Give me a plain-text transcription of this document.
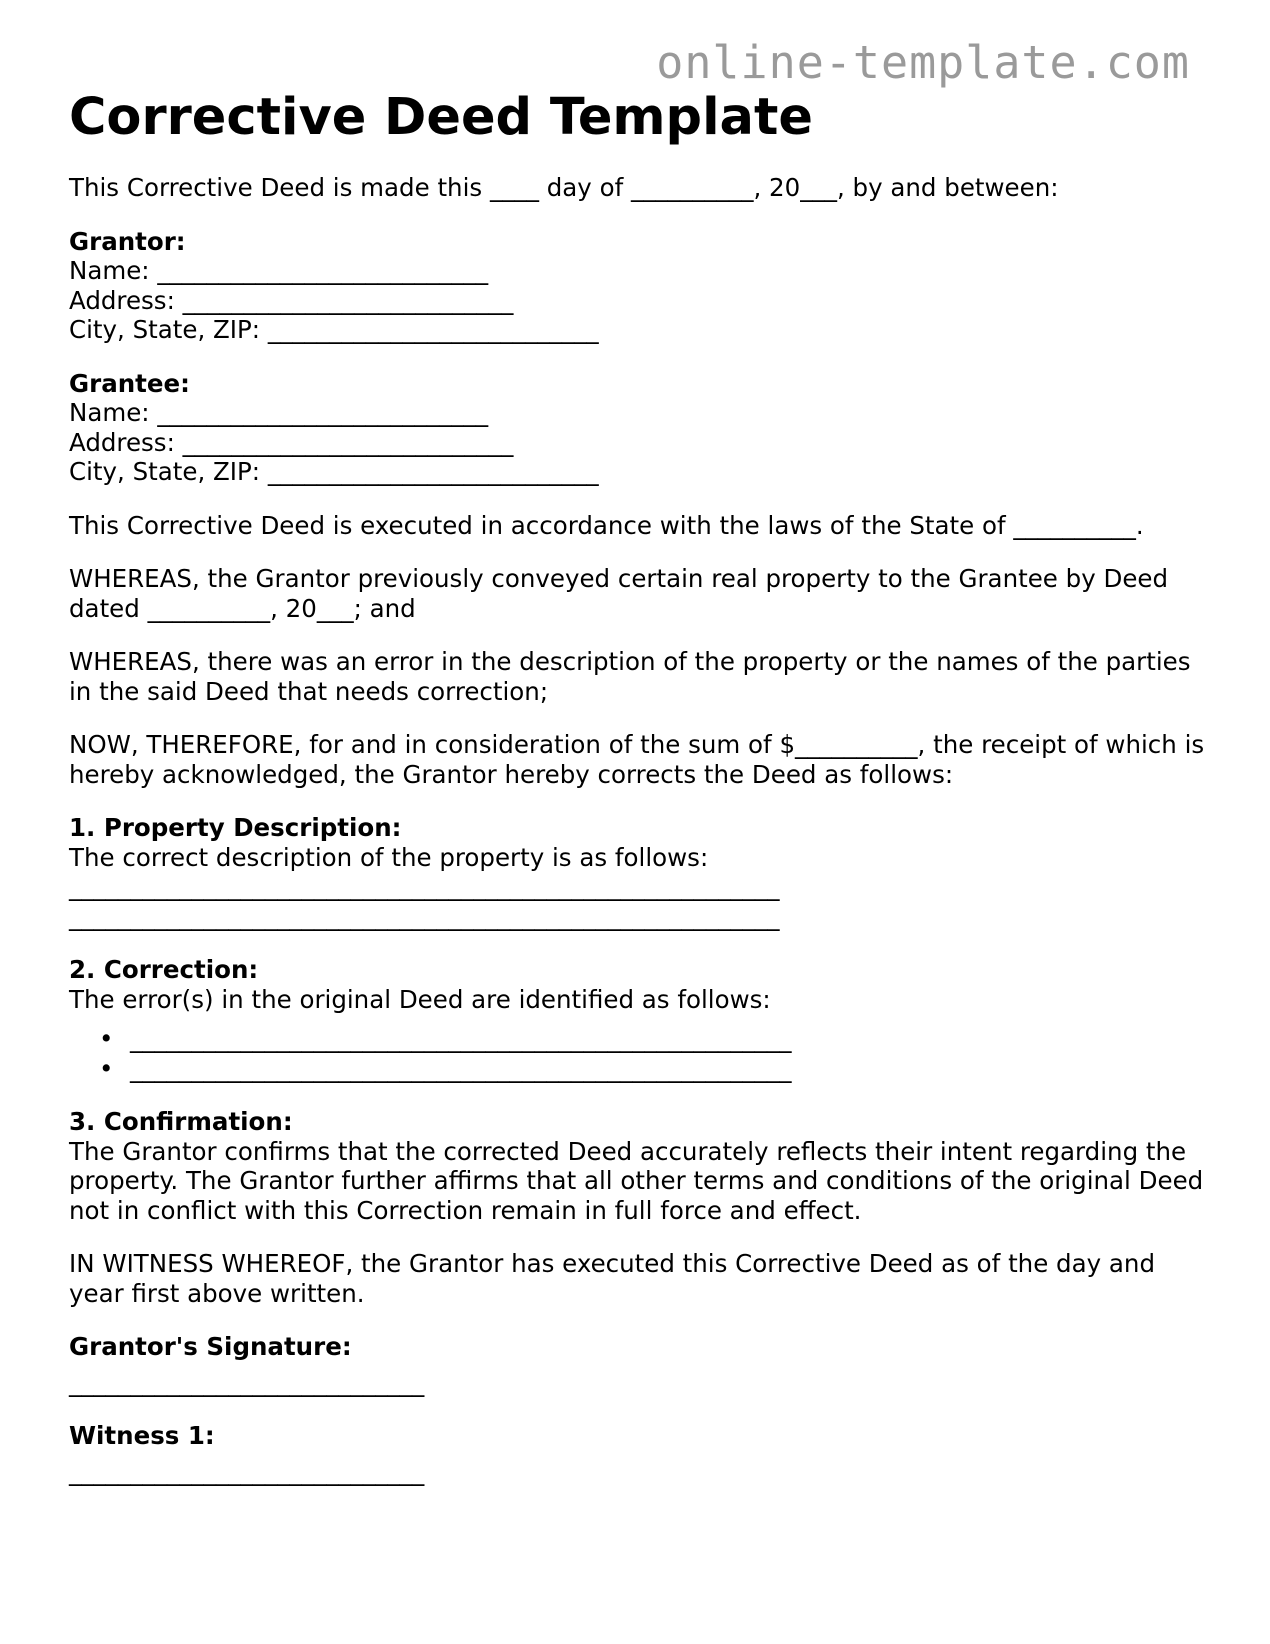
online-template.com
Corrective Deed Template

This Corrective Deed is made this ____ day of __________, 20___, by and between:

Grantor:
Name: ___________________________
Address: ___________________________
City, State, ZIP: ___________________________
Grantee:
Name: ___________________________
Address: ___________________________
City, State, ZIP: ___________________________

This Corrective Deed is executed in accordance with the laws of the State of __________.

WHEREAS, the Grantor previously conveyed certain real property to the Grantee by Deed dated __________, 20___; and

WHEREAS, there was an error in the description of the property or the names of the parties in the said Deed that needs correction;

NOW, THEREFORE, for and in consideration of the sum of $__________, the receipt of which is hereby acknowledged, the Grantor hereby corrects the Deed as follows:

1. Property Description:
The correct description of the property is as follows:
__________________________________________________________
__________________________________________________________
2. Correction:
The error(s) in the original Deed are identified as follows:
• ______________________________________________________
• ______________________________________________________
3. Confirmation:
The Grantor confirms that the corrected Deed accurately reflects their intent regarding the property. The Grantor further affirms that all other terms and conditions of the original Deed not in conflict with this Correction remain in full force and effect.

IN WITNESS WHEREOF, the Grantor has executed this Corrective Deed as of the day and year first above written.

Grantor's Signature:
_____________________________
Witness 1:
_____________________________
